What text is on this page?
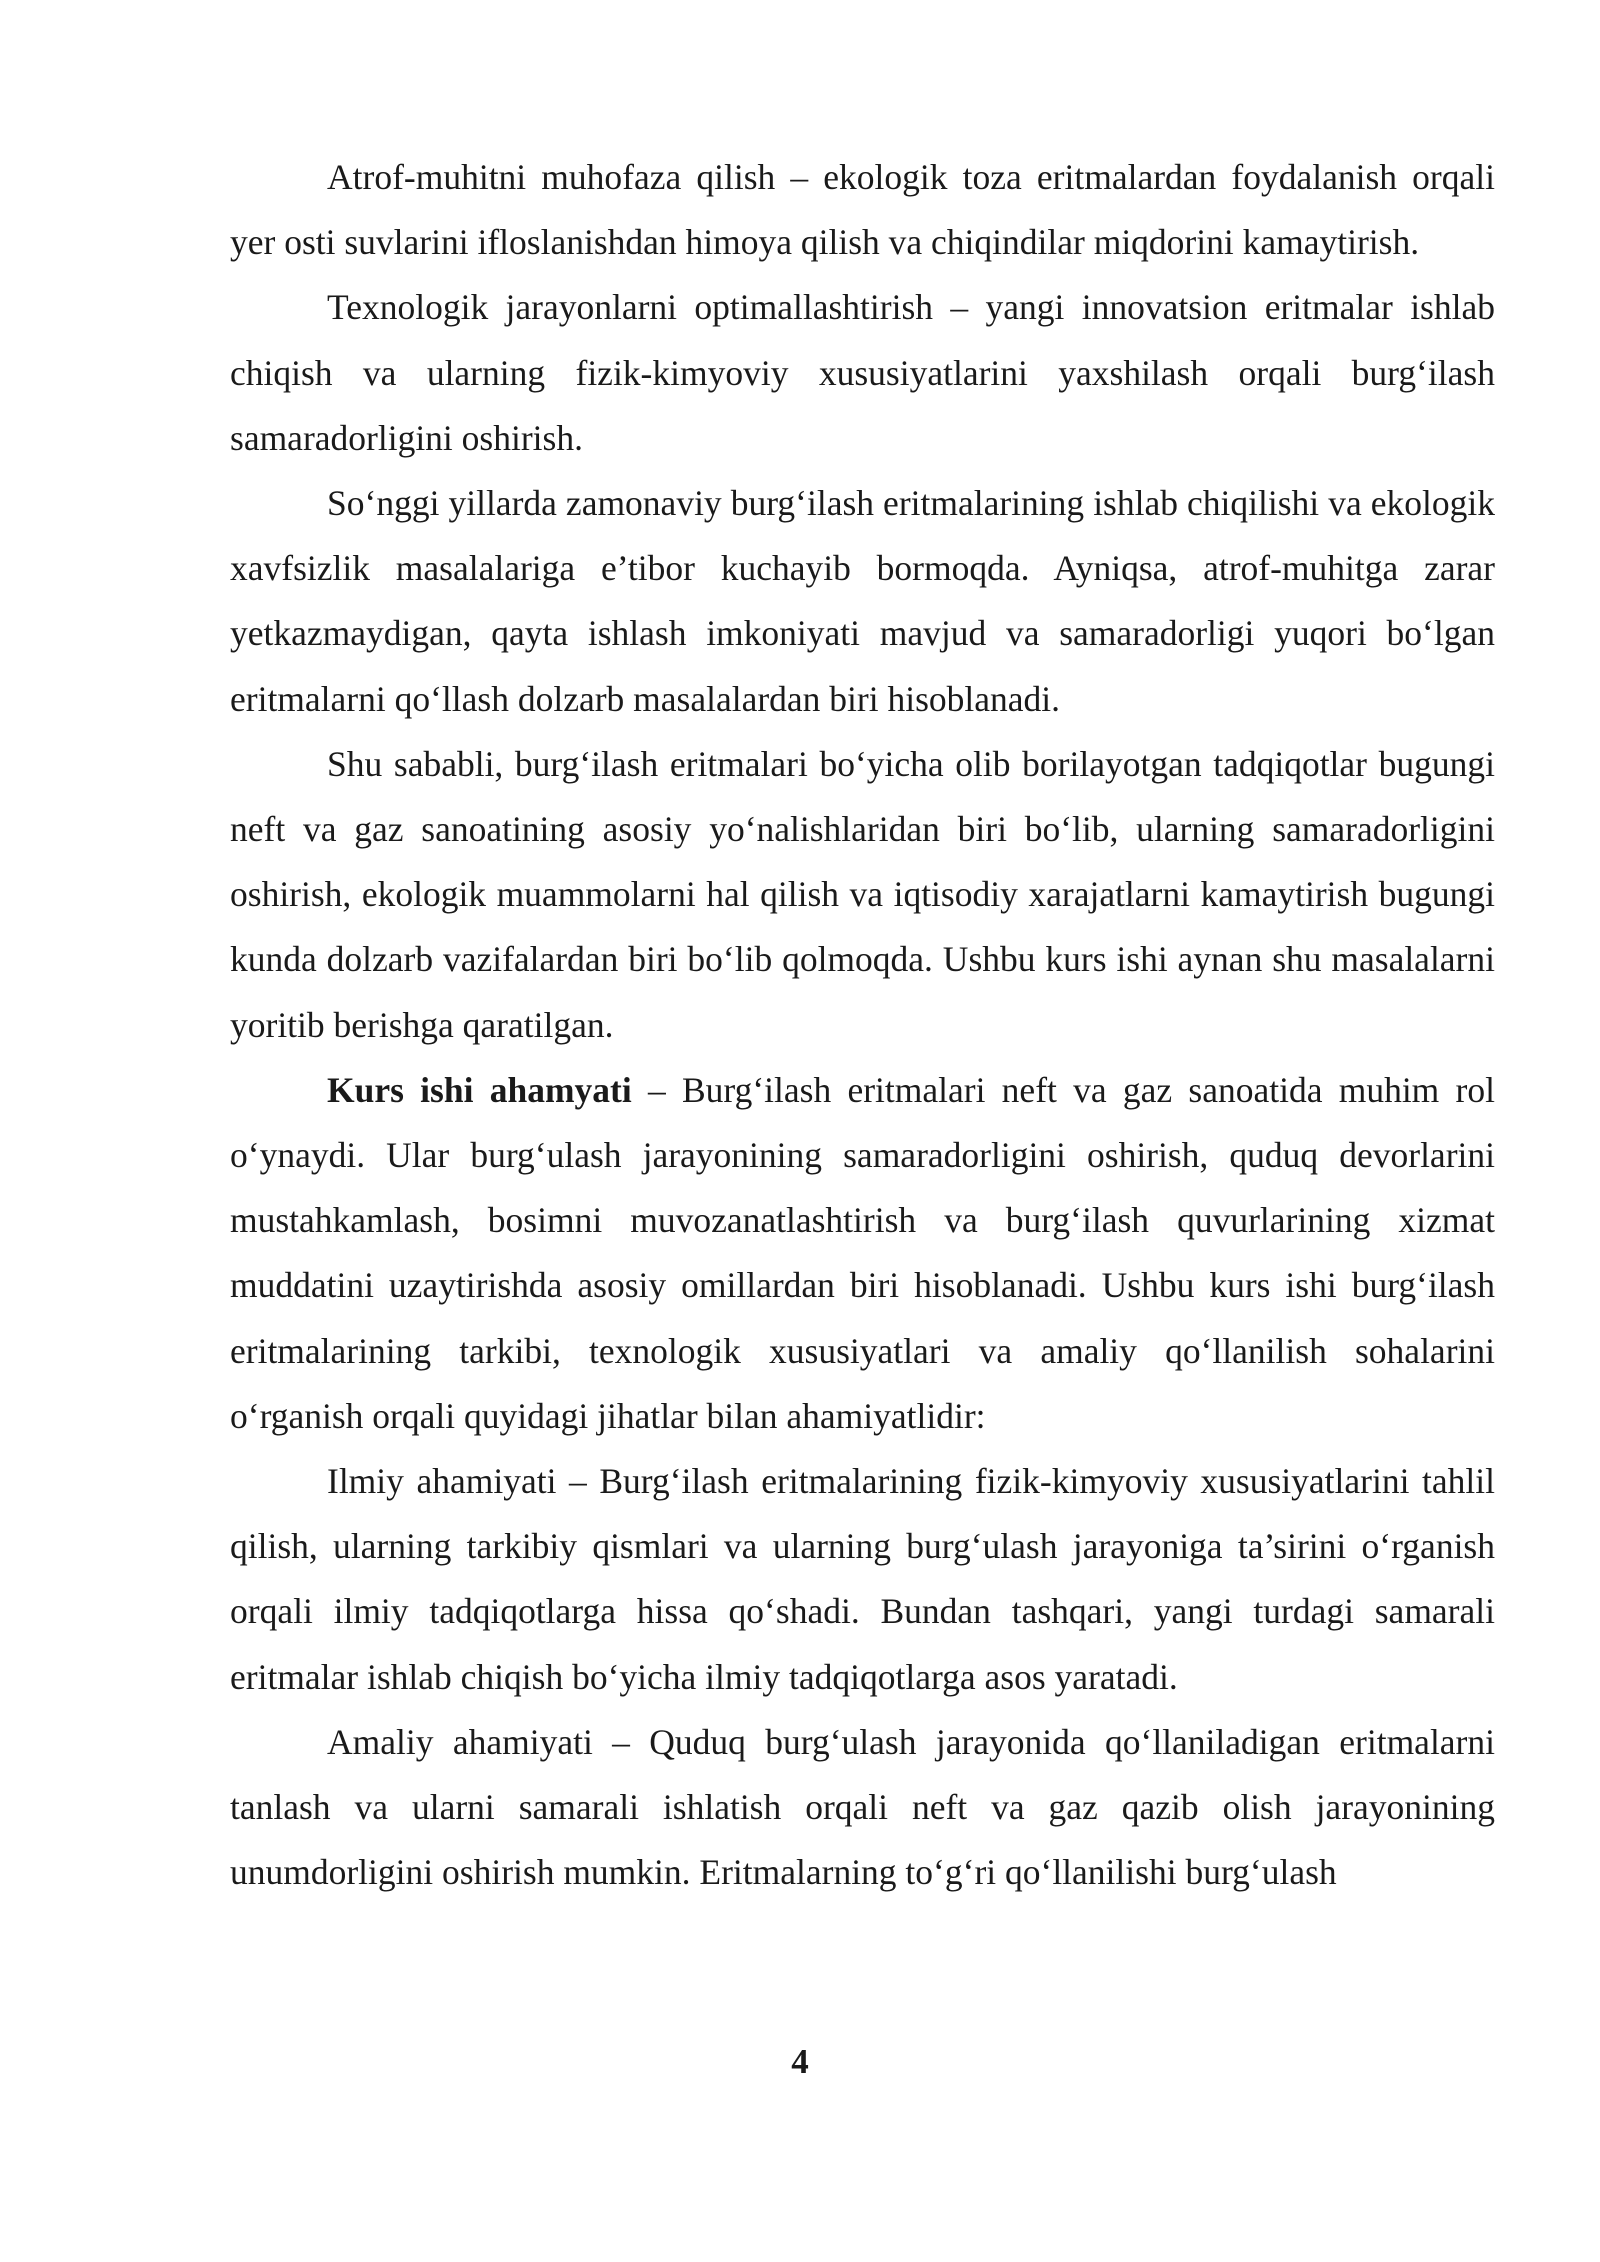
Atrof-muhitni muhofaza qilish – ekologik toza eritmalardan foydalanish orqali yer osti suvlarini ifloslanishdan himoya qilish va chiqindilar miqdorini kamaytirish.

Texnologik jarayonlarni optimallashtirish – yangi innovatsion eritmalar ishlab chiqish va ularning fizik-kimyoviy xususiyatlarini yaxshilash orqali burg‘ilash samaradorligini oshirish.

So‘nggi yillarda zamonaviy burg‘ilash eritmalarining ishlab chiqilishi va ekologik xavfsizlik masalalariga e’tibor kuchayib bormoqda. Ayniqsa, atrof-muhitga zarar yetkazmaydigan, qayta ishlash imkoniyati mavjud va samaradorligi yuqori bo‘lgan eritmalarni qo‘llash dolzarb masalalardan biri hisoblanadi.

Shu sababli, burg‘ilash eritmalari bo‘yicha olib borilayotgan tadqiqotlar bugungi neft va gaz sanoatining asosiy yo‘nalishlaridan biri bo‘lib, ularning samaradorligini oshirish, ekologik muammolarni hal qilish va iqtisodiy xarajatlarni kamaytirish bugungi kunda dolzarb vazifalardan biri bo‘lib qolmoqda. Ushbu kurs ishi aynan shu masalalarni yoritib berishga qaratilgan.

Kurs ishi ahamyati – Burg‘ilash eritmalari neft va gaz sanoatida muhim rol o‘ynaydi. Ular burg‘ulash jarayonining samaradorligini oshirish, quduq devorlarini mustahkamlash, bosimni muvozanatlashtirish va burg‘ilash quvurlarining xizmat muddatini uzaytirishda asosiy omillardan biri hisoblanadi. Ushbu kurs ishi burg‘ilash eritmalarining tarkibi, texnologik xususiyatlari va amaliy qo‘llanilish sohalarini o‘rganish orqali quyidagi jihatlar bilan ahamiyatlidir:

Ilmiy ahamiyati – Burg‘ilash eritmalarining fizik-kimyoviy xususiyatlarini tahlil qilish, ularning tarkibiy qismlari va ularning burg‘ulash jarayoniga ta’sirini o‘rganish orqali ilmiy tadqiqotlarga hissa qo‘shadi. Bundan tashqari, yangi turdagi samarali eritmalar ishlab chiqish bo‘yicha ilmiy tadqiqotlarga asos yaratadi.

Amaliy ahamiyati – Quduq burg‘ulash jarayonida qo‘llaniladigan eritmalarni tanlash va ularni samarali ishlatish orqali neft va gaz qazib olish jarayonining unumdorligini oshirish mumkin. Eritmalarning to‘g‘ri qo‘llanilishi burg‘ulash

4
